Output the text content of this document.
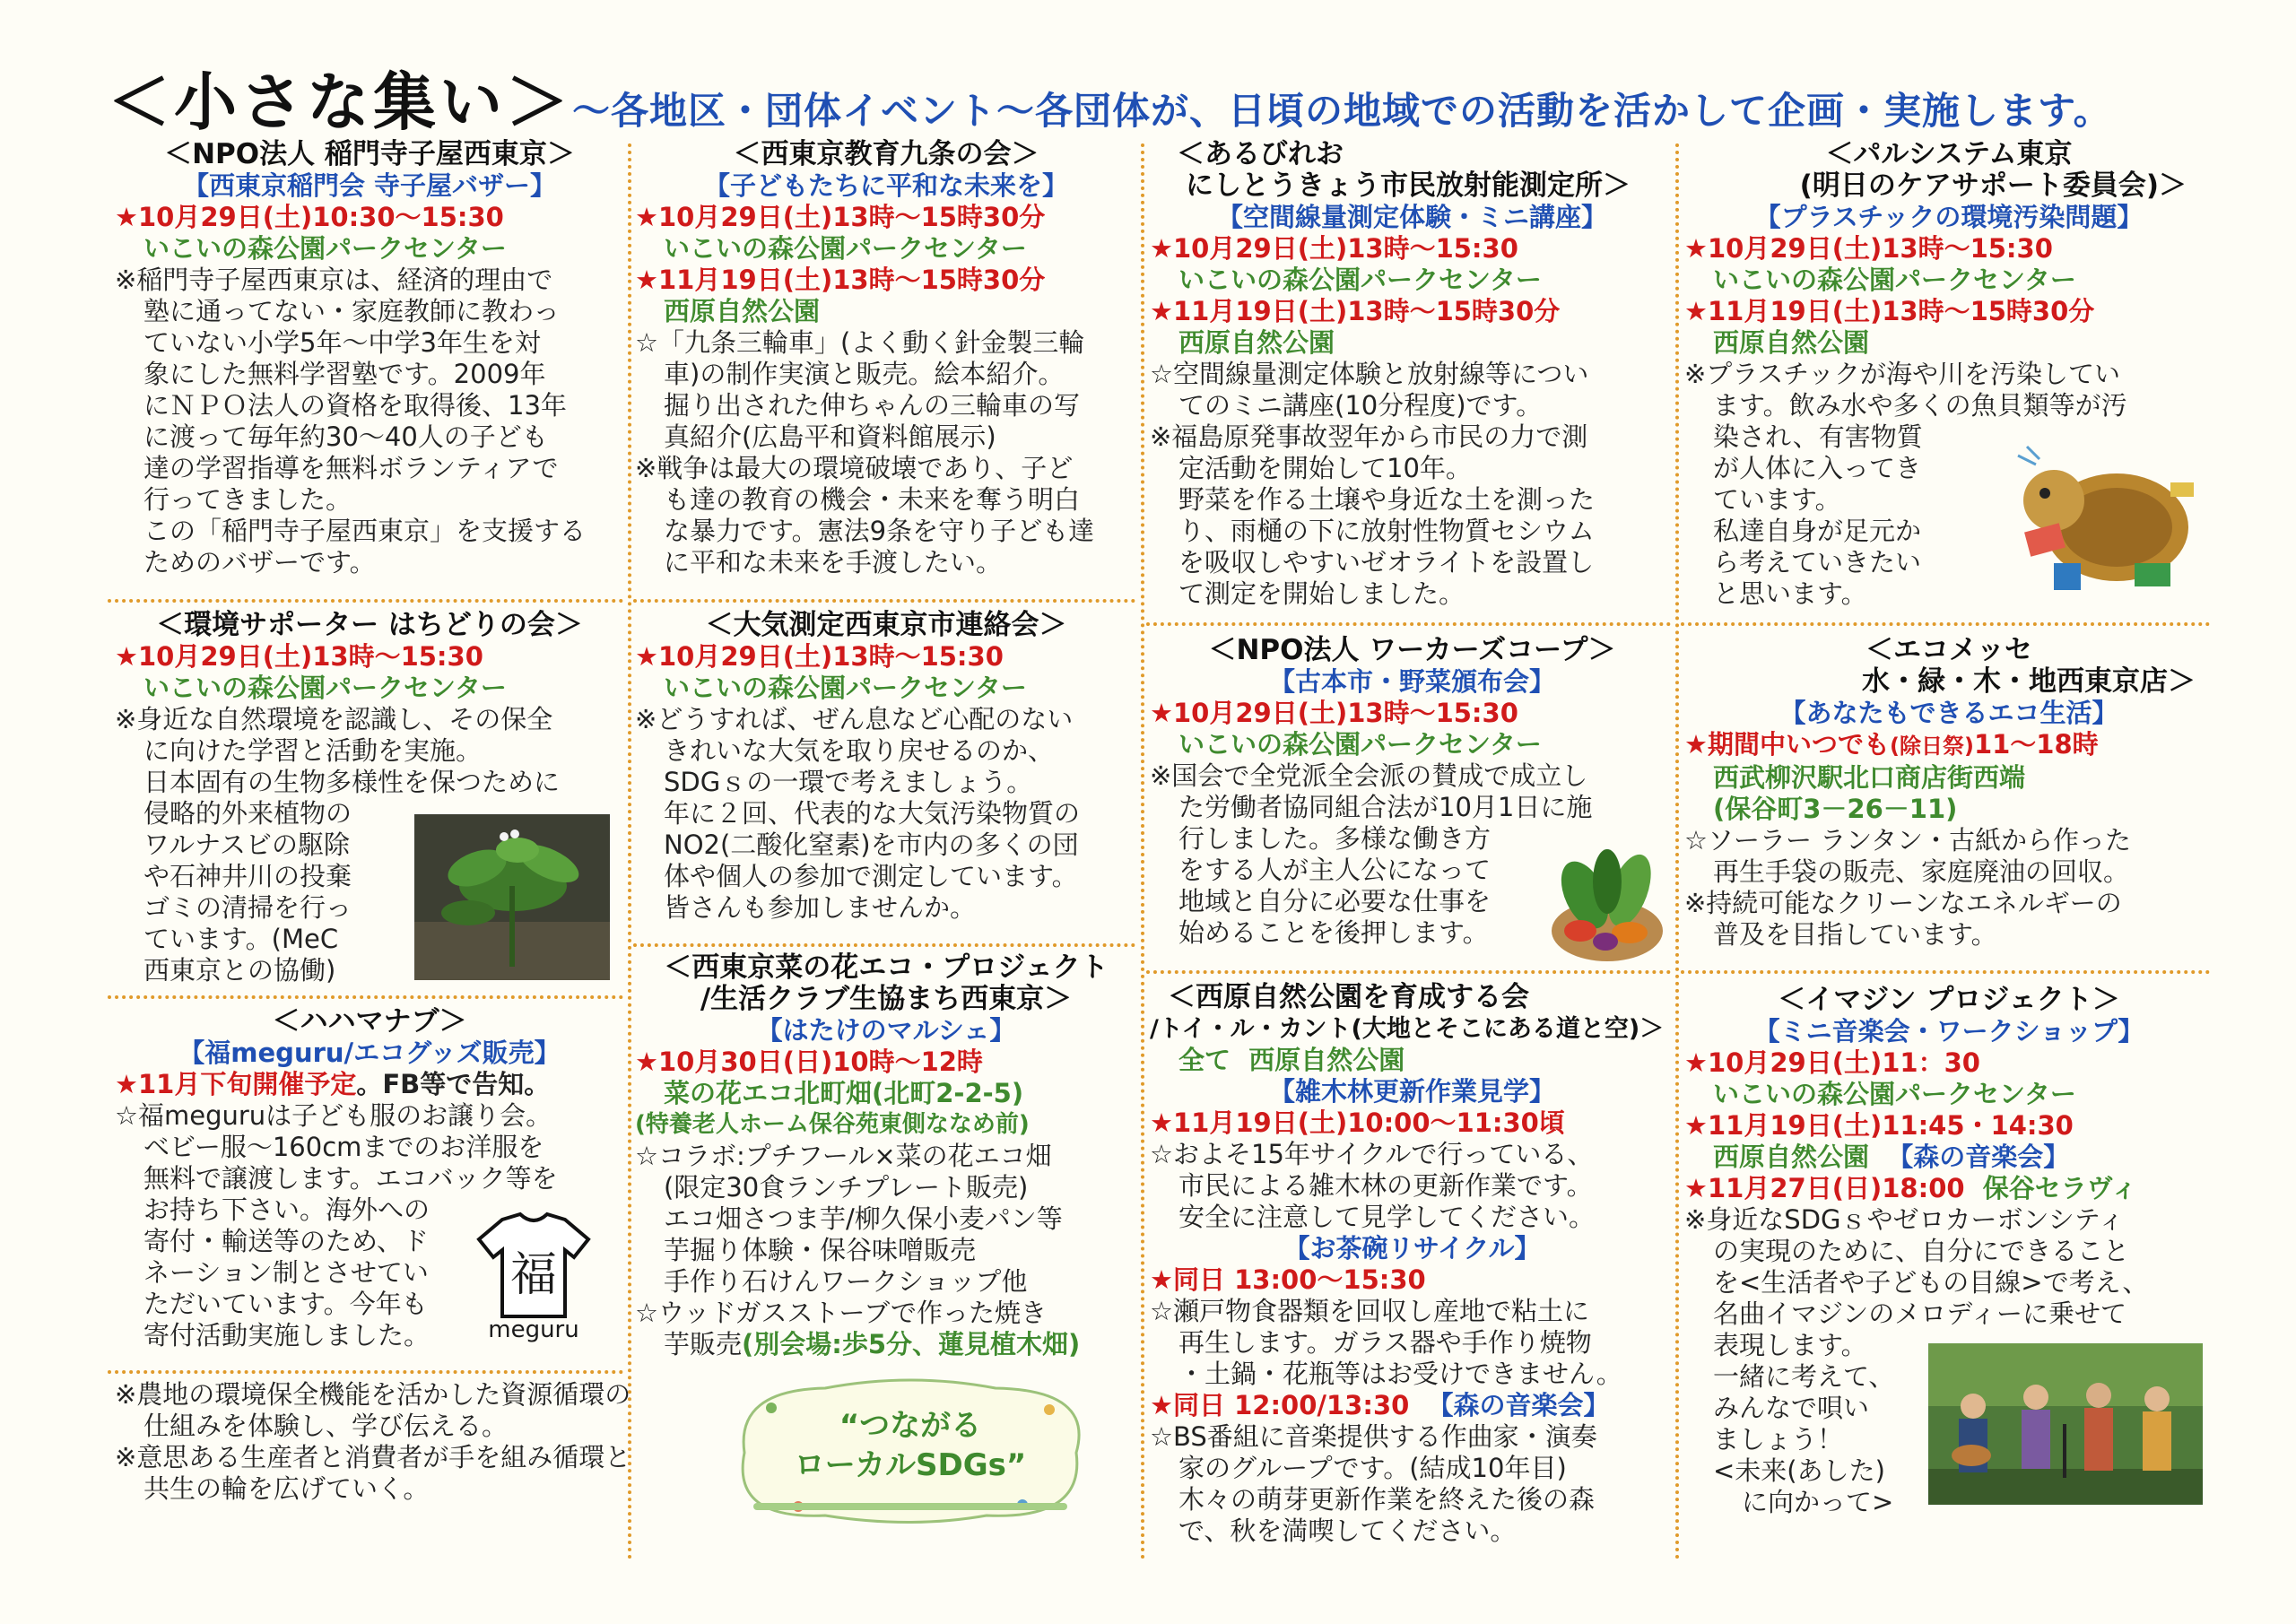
＜小さな集い＞～各地区・団体イベント～各団体が、日頃の地域での活動を活かして企画・実施します。
＜NPO法人 稲門寺子屋西東京＞
【西東京稲門会 寺子屋バザー】
★10月29日(土)10:30～15:30
いこいの森公園パークセンター
※稲門寺子屋西東京は、経済的理由で
塾に通ってない・家庭教師に教わっ
ていない小学5年～中学3年生を対
象にした無料学習塾です。2009年
にＮＰＯ法人の資格を取得後、13年
に渡って毎年約30～40人の子ども
達の学習指導を無料ボランティアで
行ってきました。
この「稲門寺子屋西東京」を支援する
ためのバザーです。
＜環境サポーター はちどりの会＞
★10月29日(土)13時～15:30
いこいの森公園パークセンター
※身近な自然環境を認識し、その保全
に向けた学習と活動を実施。
日本固有の生物多様性を保つために
侵略的外来植物の
ワルナスビの駆除
や石神井川の投棄
ゴミの清掃を行っ
ています。(MeC
西東京との協働)
＜ハハマナブ＞
【福meguru/エコグッズ販売】
★11月下旬開催予定。FB等で告知。
☆福meguruは子ども服のお譲り会。
ベビー服～160cmまでのお洋服を
無料で譲渡します。エコバック等を
お持ち下さい。海外への
寄付・輸送等のため、ド
ネーション制とさせてい
ただいています。今年も
寄付活動実施しました。
福
meguru
※農地の環境保全機能を活かした資源循環の
仕組みを体験し、学び伝える。
※意思ある生産者と消費者が手を組み循環と
共生の輪を広げていく。
＜西東京教育九条の会＞
【子どもたちに平和な未来を】
★10月29日(土)13時～15時30分
いこいの森公園パークセンター
★11月19日(土)13時～15時30分
西原自然公園
☆「九条三輪車」(よく動く針金製三輪
車)の制作実演と販売。絵本紹介。
掘り出された伸ちゃんの三輪車の写
真紹介(広島平和資料館展示)
※戦争は最大の環境破壊であり、子ど
も達の教育の機会・未来を奪う明白
な暴力です。憲法9条を守り子ども達
に平和な未来を手渡したい。
＜大気測定西東京市連絡会＞
★10月29日(土)13時～15:30
いこいの森公園パークセンター
※どうすれば、ぜん息など心配のない
きれいな大気を取り戻せるのか、
SDGｓの一環で考えましょう。
年に２回、代表的な大気汚染物質の
NO2(二酸化窒素)を市内の多くの団
体や個人の参加で測定しています。
皆さんも参加しませんか。
＜西東京菜の花エコ・プロジェクト
/生活クラブ生協まち西東京＞
【はたけのマルシェ】
★10月30日(日)10時～12時
菜の花エコ北町畑(北町2-2-5)
(特養老人ホーム保谷苑東側ななめ前)
☆コラボ:プチフール×菜の花エコ畑
(限定30食ランチプレート販売)
エコ畑さつま芋/柳久保小麦パン等
芋掘り体験・保谷味噌販売
手作り石けんワークショップ他
☆ウッドガスストーブで作った焼き
芋販売(別会場:歩5分、蓮見植木畑)
“つながる
ローカルSDGs”
＜あるびれお
にしとうきょう市民放射能測定所＞
【空間線量測定体験・ミニ講座】
★10月29日(土)13時～15:30
いこいの森公園パークセンター
★11月19日(土)13時～15時30分
西原自然公園
☆空間線量測定体験と放射線等につい
てのミニ講座(10分程度)です。
※福島原発事故翌年から市民の力で測
定活動を開始して10年。
野菜を作る土壌や身近な土を測った
り、雨樋の下に放射性物質セシウム
を吸収しやすいゼオライトを設置し
て測定を開始しました。
＜NPO法人 ワーカーズコープ＞
【古本市・野菜頒布会】
★10月29日(土)13時～15:30
いこいの森公園パークセンター
※国会で全党派全会派の賛成で成立し
た労働者協同組合法が10月1日に施
行しました。多様な働き方
をする人が主人公になって
地域と自分に必要な仕事を
始めることを後押します。
＜西原自然公園を育成する会
/トイ・ル・カント(大地とそこにある道と空)＞
全て 西原自然公園
【雑木林更新作業見学】
★11月19日(土)10:00～11:30頃
☆およそ15年サイクルで行っている、
市民による雑木林の更新作業です。
安全に注意して見学してください。
【お茶碗リサイクル】
★同日 13:00～15:30
☆瀬戸物食器類を回収し産地で粘土に
再生します。ガラス器や手作り焼物
・土鍋・花瓶等はお受けできません。
★同日 12:00/13:30 【森の音楽会】
☆BS番組に音楽提供する作曲家・演奏
家のグループです。(結成10年目)
木々の萌芽更新作業を終えた後の森
で、秋を満喫してください。
＜パルシステム東京
(明日のケアサポート委員会)＞
【プラスチックの環境汚染問題】
★10月29日(土)13時～15:30
いこいの森公園パークセンター
★11月19日(土)13時～15時30分
西原自然公園
※プラスチックが海や川を汚染してい
ます。飲み水や多くの魚貝類等が汚
染され、有害物質
が人体に入ってき
ています。
私達自身が足元か
ら考えていきたい
と思います。
＜エコメッセ
水・緑・木・地西東京店＞
【あなたもできるエコ生活】
★期間中いつでも(除日祭)11～18時
西武柳沢駅北口商店街西端
(保谷町3－26－11)
☆ソーラー ランタン・古紙から作った
再生手袋の販売、家庭廃油の回収。
※持続可能なクリーンなエネルギーの
普及を目指しています。
＜イマジン プロジェクト＞
【ミニ音楽会・ワークショップ】
★10月29日(土)11：30
いこいの森公園パークセンター
★11月19日(土)11:45・14:30
西原自然公園 【森の音楽会】
★11月27日(日)18:00 保谷セラヴィ
※身近なSDGｓやゼロカーボンシティ
の実現のために、自分にできること
を<生活者や子どもの目線>で考え、
名曲イマジンのメロディーに乗せて
表現します。
一緒に考えて、
みんなで唄い
ましょう！
<未来(あした)
に向かって>
